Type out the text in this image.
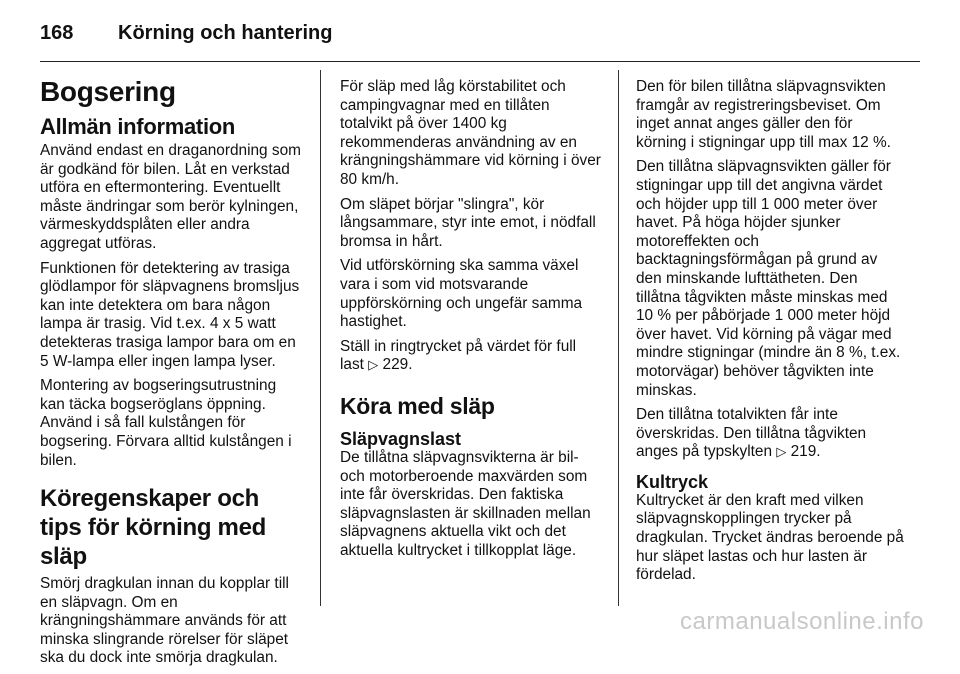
168	Körning och hantering
Bogsering
Allmän information

Använd endast en draganordning som är godkänd för bilen. Låt en verkstad utföra en eftermontering. Eventuellt måste ändringar som berör kylningen, värmeskyddsplåten eller andra aggregat utföras.

Funktionen för detektering av trasiga glödlampor för släpvagnens bromsljus kan inte detektera om bara någon lampa är trasig. Vid t.ex. 4 x 5 watt detekteras trasiga lampor bara om en 5 W-lampa eller ingen lampa lyser.

Montering av bogseringsutrustning kan täcka bogseröglans öppning. Använd i så fall kulstången för bogsering. Förvara alltid kulstången i bilen.

Köregenskaper och tips för körning med släp

Smörj dragkulan innan du kopplar till en släpvagn. Om en krängningshämmare används för att minska slingrande rörelser för släpet ska du dock inte smörja dragkulan.

För släp med låg körstabilitet och campingvagnar med en tillåten totalvikt på över 1400 kg rekommenderas användning av en krängningshämmare vid körning i över 80 km/h.

Om släpet börjar "slingra", kör långsammare, styr inte emot, i nödfall bromsa in hårt.

Vid utförskörning ska samma växel vara i som vid motsvarande uppförskörning och ungefär samma hastighet.

Ställ in ringtrycket på värdet för full last ▷ 229.

Köra med släp
Släpvagnslast

De tillåtna släpvagnsvikterna är bil- och motorberoende maxvärden som inte får överskridas. Den faktiska släpvagnslasten är skillnaden mellan släpvagnens aktuella vikt och det aktuella kultrycket i tillkopplat läge.

Den för bilen tillåtna släpvagnsvikten framgår av registreringsbeviset. Om inget annat anges gäller den för körning i stigningar upp till max 12 %.

Den tillåtna släpvagnsvikten gäller för stigningar upp till det angivna värdet och höjder upp till 1 000 meter över havet. På höga höjder sjunker motoreffekten och backtagningsförmågan på grund av den minskande lufttätheten. Den tillåtna tågvikten måste minskas med 10 % per påbörjade 1 000 meter höjd över havet. Vid körning på vägar med mindre stigningar (mindre än 8 %, t.ex. motorvägar) behöver tågvikten inte minskas.

Den tillåtna totalvikten får inte överskridas. Den tillåtna tågvikten anges på typskylten ▷ 219.

Kultryck

Kultrycket är den kraft med vilken släpvagnskopplingen trycker på dragkulan. Trycket ändras beroende på hur släpet lastas och hur lasten är fördelad.

carmanualsonline.info
